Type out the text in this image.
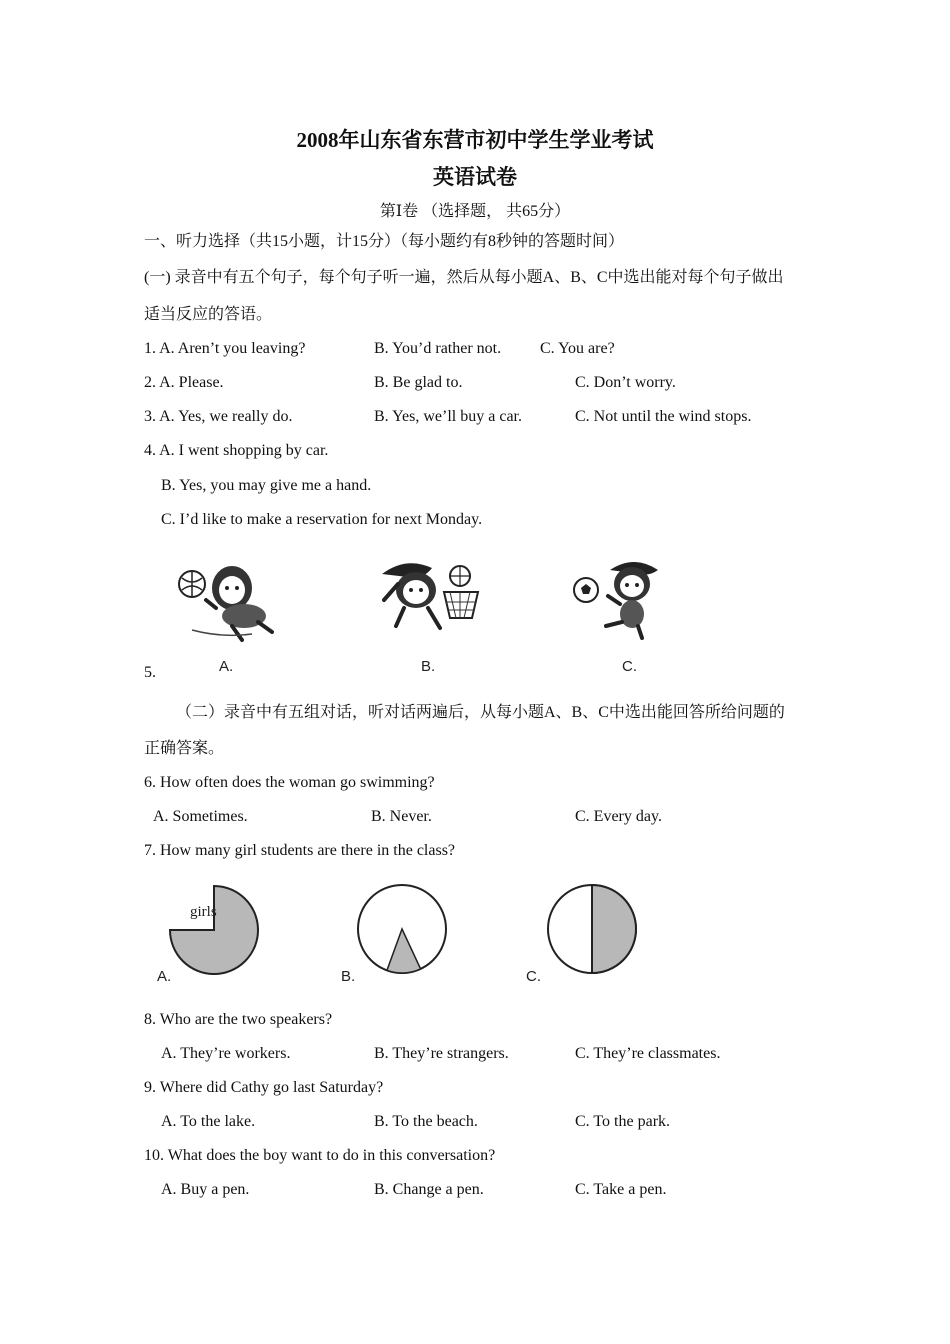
2008年山东省东营市初中学生学业考试
英语试卷
第Ⅰ卷 （选择题， 共65分）
一、听力选择（共15小题，计15分）（每小题约有8秒钟的答题时间）
(一) 录音中有五个句子，每个句子听一遍，然后从每小题A、B、C中选出能对每个句子做出
适当反应的答语。
1. A. Aren’t you leaving?	B. You’d rather not. C. You are?
2. A. Please.	B. Be glad to.	C. Don’t worry.
3. A. Yes, we really do.	B. Yes, we’ll buy a car.	C. Not until the wind stops.
4. A. I went shopping by car.
B. Yes, you may give me a hand.
C. I’d like to make a reservation for next Monday.
5.	A.	B.	C.
（二）录音中有五组对话，听对话两遍后，从每小题A、B、C中选出能回答所给问题的
正确答案。
6. How often does the woman go swimming?
A. Sometimes.	B. Never.	C. Every day.
7. How many girl students are there in the class?
girls
A.	B.	C.
8. Who are the two speakers?
A. They’re workers.	B. They’re strangers.	C. They’re classmates.
9. Where did Cathy go last Saturday?
A. To the lake.	B. To the beach.	C. To the park.
10. What does the boy want to do in this conversation?
A. Buy a pen.	B. Change a pen.	C. Take a pen.
